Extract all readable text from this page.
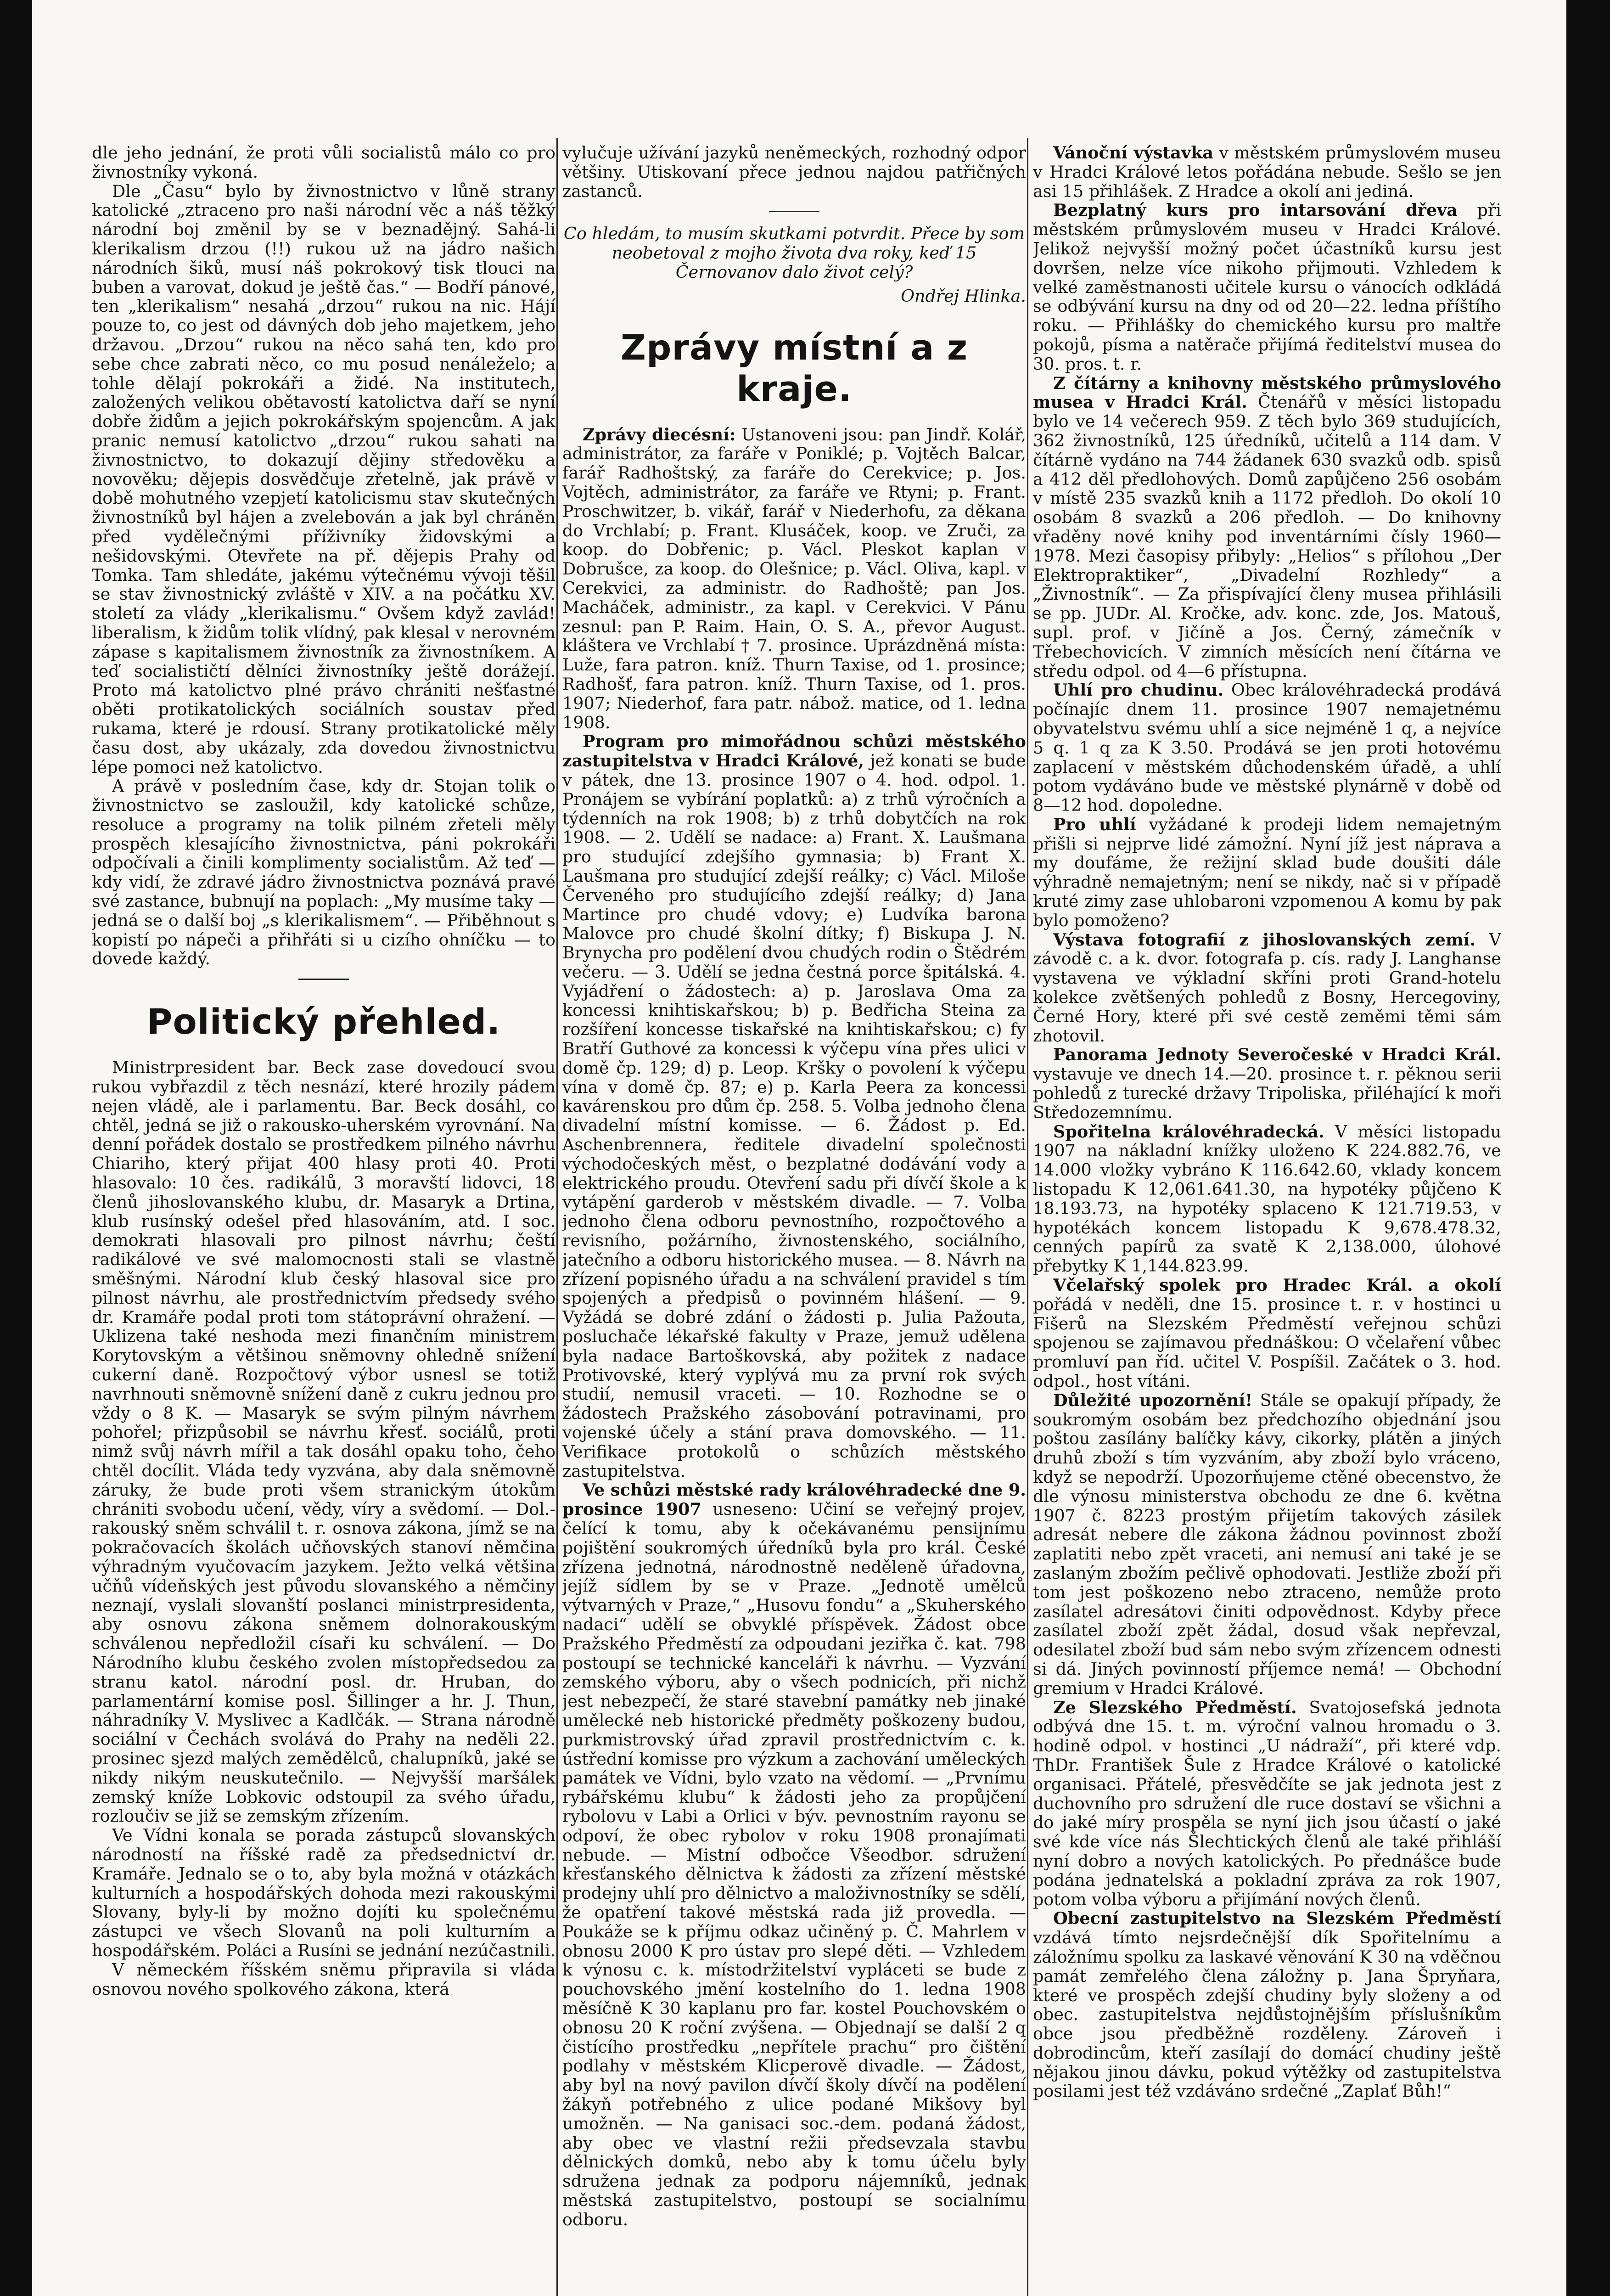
dle jeho jednání, že proti vůli socialistů málo co pro živnostníky vykoná.

Dle „Času“ bylo by živnostnictvo v lůně strany katolické „ztraceno pro naši národní věc a náš těžký národní boj změnil by se v beznadějný. Sahá-li klerikalism drzou (!!) rukou už na jádro našich národních šiků, musí náš pokrokový tisk tlouci na buben a varovat, dokud je ještě čas.“ — Bodří pánové, ten „klerikalism“ nesahá „drzou“ rukou na nic. Hájí pouze to, co jest od dávných dob jeho majetkem, jeho državou. „Drzou“ rukou na něco sahá ten, kdo pro sebe chce zabrati něco, co mu posud nenáleželo; a tohle dělají pokrokáři a židé. Na institutech, založených velikou obětavostí katolictva daří se nyní dobře židům a jejich pokrokářským spojencům. A jak pranic nemusí katolictvo „drzou“ rukou sahati na živnostnictvo, to dokazují dějiny středověku a novověku; dějepis dosvědčuje zřetelně, jak právě v době mohutného vzepjetí katolicismu stav skutečných živnostníků byl hájen a zvelebován a jak byl chráněn před vydělečnými příživníky židovskými a nešidovskými. Otevřete na př. dějepis Prahy od Tomka. Tam shledáte, jakému výtečnému vývoji těšil se stav živnostnický zvláště v XIV. a na počátku XV. století za vlády „klerikalismu.“ Ovšem když zavlád! liberalism, k židům tolik vlídný, pak klesal v nerovném zápase s kapitalismem živnostník za živnostníkem. A teď socialističtí dělníci živnostníky ještě dorážejí. Proto má katolictvo plné právo chrániti nešťastné oběti protikatolických sociálních soustav před rukama, které je rdousí. Strany protikatolické měly času dost, aby ukázaly, zda dovedou živnostnictvu lépe pomoci než katolictvo.

A právě v posledním čase, kdy dr. Stojan tolik o živnostnictvo se zasloužil, kdy katolické schůze, resoluce a programy na tolik pilném zřeteli měly prospěch klesajícího živnostnictva, páni pokrokáři odpočívali a činili komplimenty socialistům. Až teď — kdy vidí, že zdravé jádro živnostnictva poznává pravé své zastance, bubnují na poplach: „My musíme taky — jedná se o další boj „s klerikalismem“. — Přiběhnout s kopistí po nápeči a přihřáti si u cizího ohníčku — to dovede každý.

Politický přehled.

Ministrpresident bar. Beck zase dovedoucí svou rukou vybřazdil z těch nesnází, které hrozily pádem nejen vládě, ale i parlamentu. Bar. Beck dosáhl, co chtěl, jedná se již o rakousko-uherském vyrovnání. Na denní pořádek dostalo se prostředkem pilného návrhu Chiariho, který přijat 400 hlasy proti 40. Proti hlasovalo: 10 čes. radikálů, 3 moravští lidovci, 18 členů jihoslovanského klubu, dr. Masaryk a Drtina, klub rusínský odešel před hlasováním, atd. I soc. demokrati hlasovali pro pilnost návrhu; čeští radikálové ve své malomocnosti stali se vlastně směšnými. Národní klub český hlasoval sice pro pilnost návrhu, ale prostřednictvím předsedy svého dr. Kramáře podal proti tom státoprávní ohražení. — Uklizena také neshoda mezi finančním ministrem Korytovským a většinou sněmovny ohledně snížení cukerní daně. Rozpočtový výbor usnesl se totiž navrhnouti sněmovně snížení daně z cukru jednou pro vždy o 8 K. — Masaryk se svým pilným návrhem pohořel; přizpůsobil se návrhu křesť. sociálů, proti nimž svůj návrh mířil a tak dosáhl opaku toho, čeho chtěl docílit. Vláda tedy vyzvána, aby dala sněmovně záruky, že bude proti všem stranickým útokům chrániti svobodu učení, vědy, víry a svědomí. — Dol.-rakouský sněm schválil t. r. osnova zákona, jímž se na pokračovacích školách učňovských stanoví němčina výhradným vyučovacím jazykem. Ježto velká většina učňů vídeňských jest původu slovanského a němčiny neznají, vyslali slovanští poslanci ministrpresidenta, aby osnovu zákona sněmem dolnorakouským schválenou nepředložil císaři ku schválení. — Do Národního klubu českého zvolen místopředsedou za stranu katol. národní posl. dr. Hruban, do parlamentární komise posl. Šillinger a hr. J. Thun, náhradníky V. Myslivec a Kadlčák. — Strana národně sociální v Čechách svolává do Prahy na neděli 22. prosinec sjezd malých zemědělců, chalupníků, jaké se nikdy nikým neuskutečnilo. — Nejvyšší maršálek zemský kníže Lobkovic odstoupil za svého úřadu, rozloučiv se již se zemským zřízením.

Ve Vídni konala se porada zástupců slovanských národností na říšské radě za předsednictví dr. Kramáře. Jednalo se o to, aby byla možná v otázkách kulturních a hospodářských dohoda mezi rakouskými Slovany, byly-li by možno dojíti ku společnému zástupci ve všech Slovanů na poli kulturním a hospodářském. Poláci a Rusíni se jednání nezúčastnili.

V německém říšském sněmu připravila si vláda osnovou nového spolkového zákona, která

vylučuje užívání jazyků neněmeckých, rozhodný odpor většiny. Utiskovaní přece jednou najdou patřičných zastanců.

Co hledám, to musím skutkami potvrdit. Přece by som neobetoval z mojho života dva roky, keď 15 Černovanov dalo život celý?

Ondřej Hlinka.

Zprávy místní a z kraje.

Zprávy diecésní: Ustanoveni jsou: pan Jindř. Kolář, administrátor, za faráře v Poniklé; p. Vojtěch Balcar, farář Radhoštský, za faráře do Cerekvice; p. Jos. Vojtěch, administrátor, za faráře ve Rtyni; p. Frant. Proschwitzer, b. vikář, farář v Niederhofu, za děkana do Vrchlabí; p. Frant. Klusáček, koop. ve Zruči, za koop. do Dobřenic; p. Václ. Pleskot kaplan v Dobrušce, za koop. do Olešnice; p. Václ. Oliva, kapl. v Cerekvici, za administr. do Radhoště; pan Jos. Macháček, administr., za kapl. v Cerekvici. V Pánu zesnul: pan P. Raim. Hain, O. S. A., převor August. kláštera ve Vrchlabí † 7. prosince. Uprázdněná místa: Luže, fara patron. kníž. Thurn Taxise, od 1. prosince; Radhošť, fara patron. kníž. Thurn Taxise, od 1. pros. 1907; Niederhof, fara patr. nábož. matice, od 1. ledna 1908.

Program pro mimořádnou schůzi městského zastupitelstva v Hradci Králové, jež konati se bude v pátek, dne 13. prosince 1907 o 4. hod. odpol. 1. Pronájem se vybírání poplatků: a) z trhů výročních a týdenních na rok 1908; b) z trhů dobytčích na rok 1908. — 2. Udělí se nadace: a) Frant. X. Laušmana pro studující zdejšího gymnasia; b) Frant X. Laušmana pro studující zdejší reálky; c) Václ. Miloše Červeného pro studujícího zdejší reálky; d) Jana Martince pro chudé vdovy; e) Ludvíka barona Malovce pro chudé školní dítky; f) Biskupa J. N. Brynycha pro podělení dvou chudých rodin o Štědrém večeru. — 3. Udělí se jedna čestná porce špitálská. 4. Vyjádření o žádostech: a) p. Jaroslava Oma za koncessi knihtiskařskou; b) p. Bedřicha Steina za rozšíření koncesse tiskařské na knihtiskařskou; c) fy Bratří Guthové za koncessi k výčepu vína přes ulici v domě čp. 129; d) p. Leop. Kršky o povolení k výčepu vína v domě čp. 87; e) p. Karla Peera za koncessi kavárenskou pro dům čp. 258. 5. Volba jednoho člena divadelní místní komisse. — 6. Žádost p. Ed. Aschenbrennera, ředitele divadelní společnosti východočeských měst, o bezplatné dodávání vody a elektrického proudu. Otevření sadu při dívčí škole a k vytápění garderob v městském divadle. — 7. Volba jednoho člena odboru pevnostního, rozpočtového a revisního, požárního, živnostenského, sociálního, jatečního a odboru historického musea. — 8. Návrh na zřízení popisného úřadu a na schválení pravidel s tím spojených a předpisů o povinném hlášení. — 9. Vyžádá se dobré zdání o žádosti p. Julia Pažouta, posluchače lékařské fakulty v Praze, jemuž udělena byla nadace Bartoškovská, aby požitek z nadace Protivovské, který vyplývá mu za první rok svých studií, nemusil vraceti. — 10. Rozhodne se o žádostech Pražského zásobování potravinami, pro vojenské účely a stání prava domovského. — 11. Verifikace protokolů o schůzích městského zastupitelstva.

Ve schůzi městské rady královéhradecké dne 9. prosince 1907 usneseno: Učiní se veřejný projev, čelící k tomu, aby k očekávanému pensijnímu pojištění soukromých úředníků byla pro král. České zřízena jednotná, národnostně neděleně úřadovna, jejíž sídlem by se v Praze. „Jednotě umělců výtvarných v Praze,“ „Husovu fondu“ a „Skuherského nadaci“ udělí se obvyklé příspěvek. Žádost obce Pražského Předměstí za odpoudani jeziřka č. kat. 798 postoupí se technické kanceláři k návrhu. — Vyzvání zemského výboru, aby o všech podnicích, při nichž jest nebezpečí, že staré stavební památky neb jinaké umělecké neb historické předměty poškozeny budou, purkmistrovský úřad zpravil prostřednictvím c. k. ústřední komisse pro výzkum a zachování uměleckých památek ve Vídni, bylo vzato na vědomí. — „Prvnímu rybářskému klubu“ k žádosti jeho za propůjčení rybolovu v Labi a Orlici v býv. pevnostním rayonu se odpoví, že obec rybolov v roku 1908 pronajímati nebude. — Mistní odbočce Všeodbor. sdružení křesťanského dělnictva k žádosti za zřízení městské prodejny uhlí pro dělnictvo a maloživnostníky se sdělí, že opatření takové městská rada již provedla. — Poukáže se k příjmu odkaz učiněný p. Č. Mahrlem v obnosu 2000 K pro ústav pro slepé děti. — Vzhledem k výnosu c. k. místodržitelství vypláceti se bude z pouchovského jmění kostelního do 1. ledna 1908 měsíčně K 30 kaplanu pro far. kostel Pouchovském o obnosu 20 K roční zvýšena. — Objednají se další 2 q čistícího prostředku „nepřítele prachu“ pro čištění podlahy v městském Klicperově divadle. — Žádost, aby byl na nový pavilon dívčí školy dívčí na podělení žákyň potřebného z ulice podané Mikšovy byl umožněn. — Na ganisaci soc.-dem. podaná žádost, aby obec ve vlastní režii předsevzala stavbu dělnických domků, nebo aby k tomu účelu byly sdružena jednak za podporu nájemníků, jednak městská zastupitelstvo, postoupí se socialnímu odboru.

Vánoční výstavka v městském průmyslovém museu v Hradci Králové letos pořádána nebude. Sešlo se jen asi 15 přihlášek. Z Hradce a okolí ani jediná.

Bezplatný kurs pro intarsování dřeva při městském průmyslovém museu v Hradci Králové. Jelikož nejvyšší možný počet účastníků kursu jest dovršen, nelze více nikoho přijmouti. Vzhledem k velké zaměstnanosti učitele kursu o vánocích odkládá se odbývání kursu na dny od od 20—22. ledna příštího roku. — Přihlášky do chemického kursu pro maltře pokojů, písma a natěrače přijímá ředitelství musea do 30. pros. t. r.

Z čítárny a knihovny městského průmyslového musea v Hradci Král. Čtenářů v měsíci listopadu bylo ve 14 večerech 959. Z těch bylo 369 studujících, 362 živnostníků, 125 úředníků, učitelů a 114 dam. V čítárně vydáno na 744 žádanek 630 svazků odb. spisů a 412 děl předlohových. Domů zapůjčeno 256 osobám v místě 235 svazků knih a 1172 předloh. Do okolí 10 osobám 8 svazků a 206 předloh. — Do knihovny vřaděny nové knihy pod inventárními čísly 1960—1978. Mezi časopisy přibyly: „Helios“ s přílohou „Der Elektropraktiker“, „Divadelní Rozhledy“ a „Živnostník“. — Za přispívající členy musea přihlásili se pp. JUDr. Al. Kročke, adv. konc. zde, Jos. Matouš, supl. prof. v Jičíně a Jos. Černý, zámečník v Třebechovicích. V zimních měsících není čítárna ve středu odpol. od 4—6 přístupna.

Uhlí pro chudinu. Obec královéhradecká prodává počínajíc dnem 11. prosince 1907 nemajetnému obyvatelstvu svému uhlí a sice nejméně 1 q, a nejvíce 5 q. 1 q za K 3.50. Prodává se jen proti hotovému zaplacení v městském důchodenském úřadě, a uhlí potom vydáváno bude ve městské plynárně v době od 8—12 hod. dopoledne.

Pro uhlí vyžádané k prodeji lidem nemajetným přišli si nejprve lidé zámožní. Nyní jíž jest náprava a my doufáme, že režijní sklad bude doušiti dále výhradně nemajetným; není se nikdy, nač si v případě kruté zimy zase uhlobaroni vzpomenou A komu by pak bylo pomoženo?

Výstava fotografií z jihoslovanských zemí. V závodě c. a k. dvor. fotografa p. cís. rady J. Langhanse vystavena ve výkladní skříni proti Grand-hotelu kolekce zvětšených pohledů z Bosny, Hercegoviny, Černé Hory, které při své cestě zeměmi těmi sám zhotovil.

Panorama Jednoty Severočeské v Hradci Král. vystavuje ve dnech 14.—20. prosince t. r. pěknou serii pohledů z turecké državy Tripoliska, přiléhající k moři Středozemnímu.

Spořitelna královéhradecká. V měsíci listopadu 1907 na nákladní knížky uloženo K 224.882.76, ve 14.000 vložky vybráno K 116.642.60, vklady koncem listopadu K 12,061.641.30, na hypotéky půjčeno K 18.193.73, na hypotéky splaceno K 121.719.53, v hypotékách koncem listopadu K 9,678.478.32, cenných papírů za svatě K 2,138.000, úlohové přebytky K 1,144.823.99.

Včelařský spolek pro Hradec Král. a okolí pořádá v neděli, dne 15. prosince t. r. v hostinci u Fišerů na Slezském Předměstí veřejnou schůzi spojenou se zajímavou přednáškou: O včelaření vůbec promluví pan říd. učitel V. Pospíšil. Začátek o 3. hod. odpol., host vítáni.

Důležité upozornění! Stále se opakují případy, že soukromým osobám bez předchozího objednání jsou poštou zasílány balíčky kávy, cikorky, plátěn a jiných druhů zboží s tím vyzváním, aby zboží bylo vráceno, když se nepodrží. Upozorňujeme ctěné obecenstvo, že dle výnosu ministerstva obchodu ze dne 6. května 1907 č. 8223 prostým přijetím takových zásilek adresát nebere dle zákona žádnou povinnost zboží zaplatiti nebo zpět vraceti, ani nemusí ani také je se zaslaným zbožím pečlivě ophodovati. Jestliže zboží při tom jest poškozeno nebo ztraceno, nemůže proto zasílatel adresátovi činiti odpovědnost. Kdyby přece zasílatel zboží zpět žádal, dosud však nepřevzal, odesilatel zboží bud sám nebo svým zřízencem odnesti si dá. Jiných povinností příjemce nemá! — Obchodní gremium v Hradci Králové.

Ze Slezského Předměstí. Svatojosefská jednota odbývá dne 15. t. m. výroční valnou hromadu o 3. hodině odpol. v hostinci „U nádraží“, při které vdp. ThDr. František Šule z Hradce Králové o katolické organisaci. Přátelé, přesvědčíte se jak jednota jest z duchovního pro sdružení dle ruce dostaví se všichni a do jaké míry prospěla se nyní jich jsou účastí o jaké své kde více nás Šlechtických členů ale také přihláší nyní dobro a nových katolických. Po přednášce bude podána jednatelská a pokladní zpráva za rok 1907, potom volba výboru a přijímání nových členů.

Obecní zastupitelstvo na Slezském Předměstí vzdává tímto nejsrdečnější dík Spořitelnímu a záložnímu spolku za laskavé věnování K 30 na vděčnou památ zemřelého člena záložny p. Jana Špryňara, které ve prospěch zdejší chudiny byly složeny a od obec. zastupitelstva nejdůstojnějším příslušníkům obce jsou předběžně rozděleny. Zároveň i dobrodincům, kteří zasílají do domácí chudiny ještě nějakou jinou dávku, pokud výtěžky od zastupitelstva posilami jest též vzdáváno srdečné „Zaplať Bůh!“
